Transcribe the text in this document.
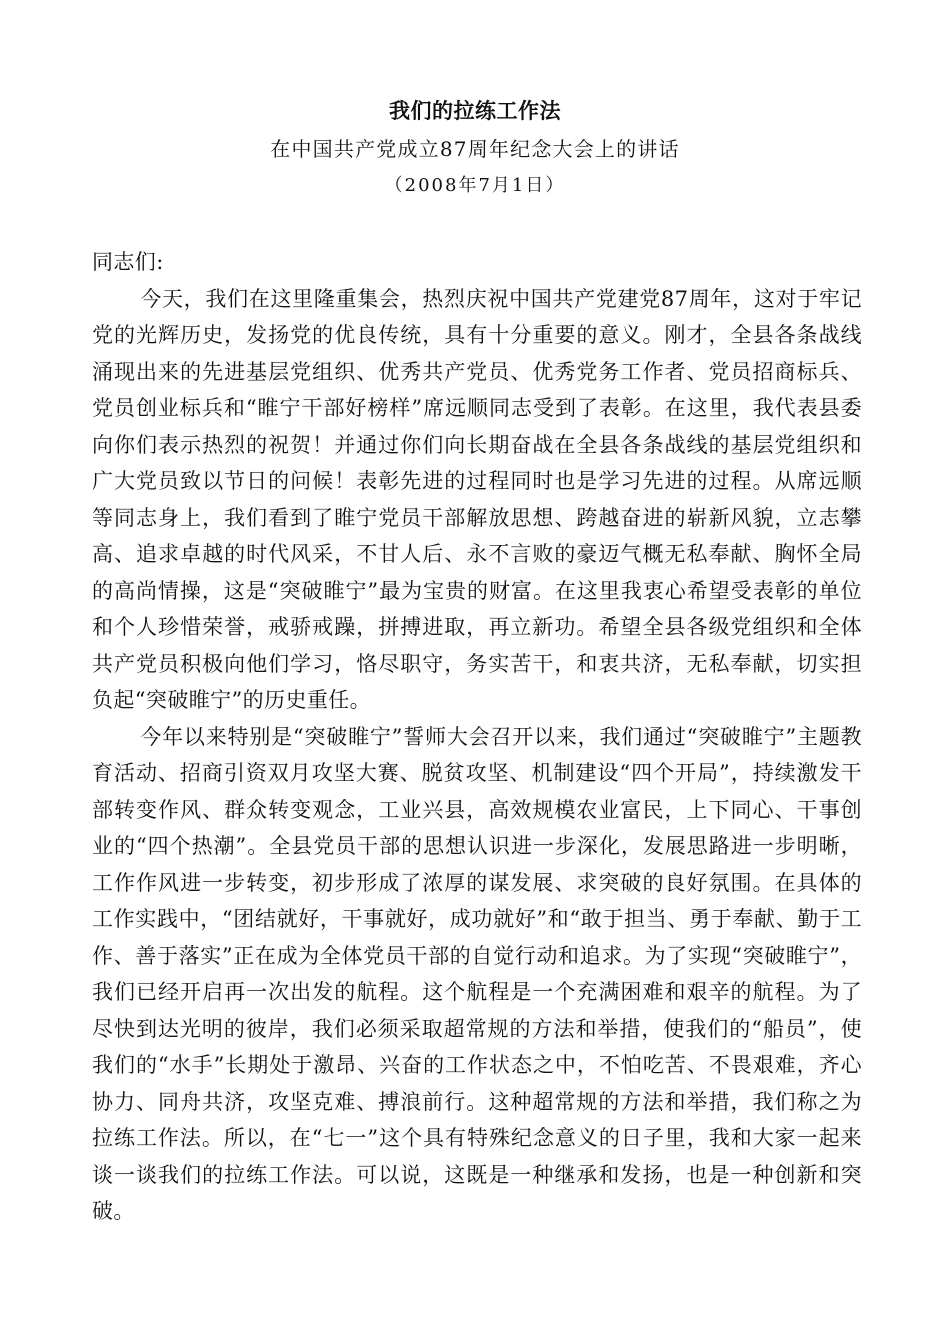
我们的拉练工作法
在中国共产党成立87周年纪念大会上的讲话
（2008年7月1日）

同志们:

今天，我们在这里隆重集会，热烈庆祝中国共产党建党87周年，这对于牢记党的光辉历史，发扬党的优良传统，具有十分重要的意义。刚才，全县各条战线涌现出来的先进基层党组织、优秀共产党员、优秀党务工作者、党员招商标兵、党员创业标兵和“睢宁干部好榜样”席远顺同志受到了表彰。在这里，我代表县委向你们表示热烈的祝贺！并通过你们向长期奋战在全县各条战线的基层党组织和广大党员致以节日的问候！表彰先进的过程同时也是学习先进的过程。从席远顺等同志身上，我们看到了睢宁党员干部解放思想、跨越奋进的崭新风貌，立志攀高、追求卓越的时代风采，不甘人后、永不言败的豪迈气概无私奉献、胸怀全局的高尚情操，这是“突破睢宁”最为宝贵的财富。在这里我衷心希望受表彰的单位和个人珍惜荣誉，戒骄戒躁，拼搏进取，再立新功。希望全县各级党组织和全体共产党员积极向他们学习，恪尽职守，务实苦干，和衷共济，无私奉献，切实担负起“突破睢宁”的历史重任。

今年以来特别是“突破睢宁”誓师大会召开以来，我们通过“突破睢宁”主题教育活动、招商引资双月攻坚大赛、脱贫攻坚、机制建设“四个开局”，持续激发干部转变作风、群众转变观念，工业兴县，高效规模农业富民，上下同心、干事创业的“四个热潮”。全县党员干部的思想认识进一步深化，发展思路进一步明晰，工作作风进一步转变，初步形成了浓厚的谋发展、求突破的良好氛围。在具体的工作实践中，“团结就好，干事就好，成功就好”和“敢于担当、勇于奉献、勤于工作、善于落实”正在成为全体党员干部的自觉行动和追求。为了实现“突破睢宁”，我们已经开启再一次出发的航程。这个航程是一个充满困难和艰辛的航程。为了尽快到达光明的彼岸，我们必须采取超常规的方法和举措，使我们的“船员”，使我们的“水手”长期处于激昂、兴奋的工作状态之中，不怕吃苦、不畏艰难，齐心协力、同舟共济，攻坚克难、搏浪前行。这种超常规的方法和举措，我们称之为拉练工作法。所以，在“七一”这个具有特殊纪念意义的日子里，我和大家一起来谈一谈我们的拉练工作法。可以说，这既是一种继承和发扬，也是一种创新和突破。
